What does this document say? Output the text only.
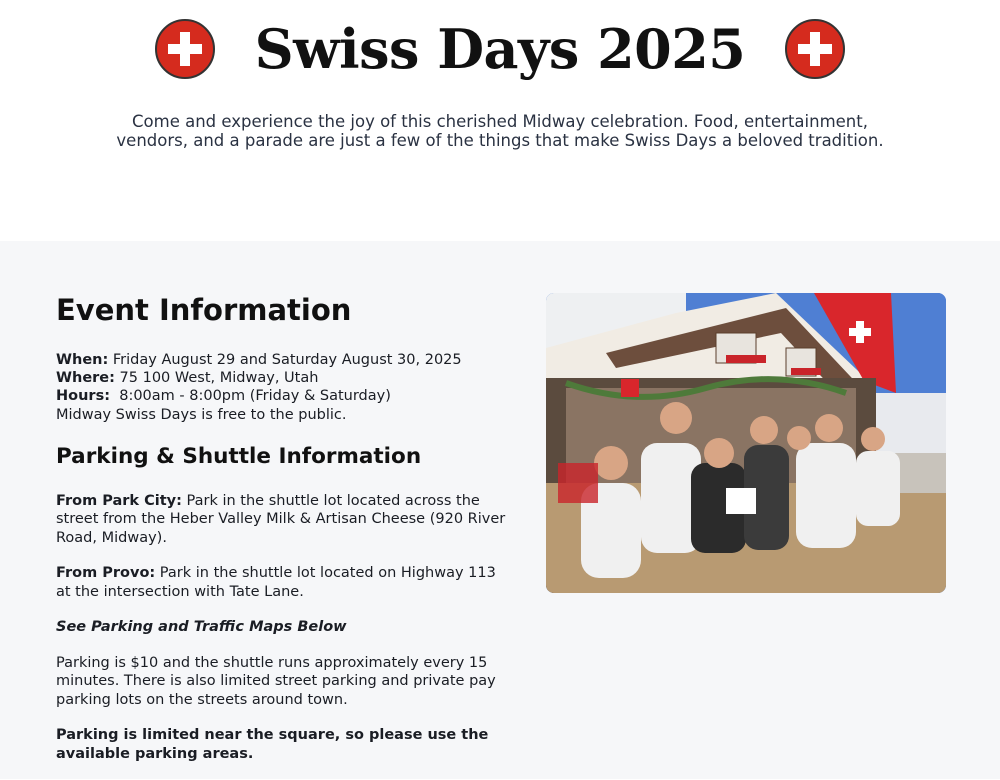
Swiss Days 2025

Come and experience the joy of this cherished Midway celebration. Food, entertainment, vendors, and a parade are just a few of the things that make Swiss Days a beloved tradition.

Event Information

When: Friday August 29 and Saturday August 30, 2025

Where: 75 100 West, Midway, Utah

Hours:  8:00am - 8:00pm (Friday & Saturday)

Midway Swiss Days is free to the public.

Parking & Shuttle Information

From Park City: Park in the shuttle lot located across the street from the Heber Valley Milk & Artisan Cheese (920 River Road, Midway).

From Provo: Park in the shuttle lot located on Highway 113 at the intersection with Tate Lane.

See Parking and Traffic Maps Below

Parking is $10 and the shuttle runs approximately every 15 minutes. There is also limited street parking and private pay parking lots on the streets around town.

Parking is limited near the square, so please use the available parking areas.
